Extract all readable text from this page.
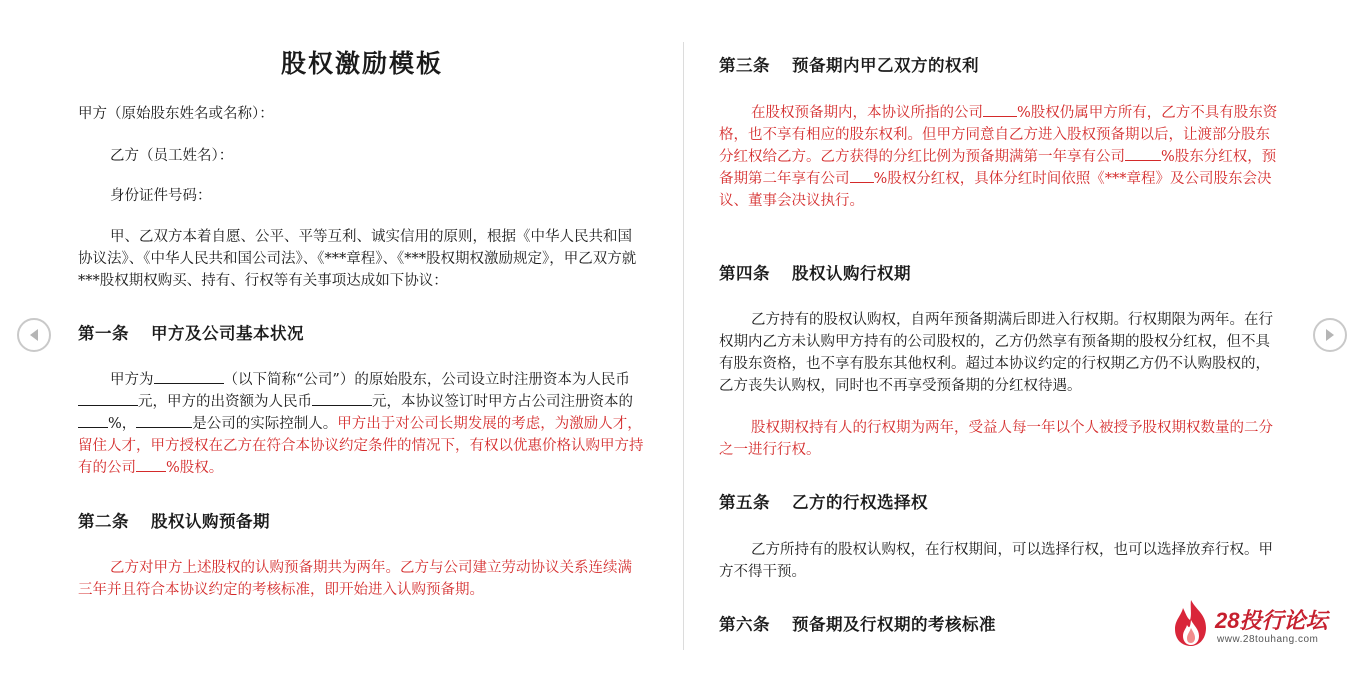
股权激励模板

甲方（原始股东姓名或名称）：

乙方（员工姓名）：

身份证件号码：

甲、乙双方本着自愿、公平、平等互利、诚实信用的原则，根据《中华人民共和国协议法》、《中华人民共和国公司法》、《***章程》、《***股权期权激励规定》，甲乙双方就***股权期权购买、持有、行权等有关事项达成如下协议：

第一条 甲方及公司基本状况

甲方为	（以下简称“公司”）的原始股东，公司设立时注册资本为人民币元，甲方的出资额为人民币	元，本协议签订时甲方占公司注册资本的%，	是公司的实际控制人。甲方出于对公司长期发展的考虑，为激励人才，留住人才，甲方授权在乙方在符合本协议约定条件的情况下，有权以优惠价格认购甲方持有的公司 %股权。

第二条 股权认购预备期

乙方对甲方上述股权的认购预备期共为两年。乙方与公司建立劳动协议关系连续满三年并且符合本协议约定的考核标准，即开始进入认购预备期。

第三条 预备期内甲乙双方的权利

在股权预备期内，本协议所指的公司 %股权仍属甲方所有，乙方不具有股东资格，也不享有相应的股东权利。但甲方同意自乙方进入股权预备期以后，让渡部分股东分红权给乙方。乙方获得的分红比例为预备期满第一年享有公司 %股东分红权，预备期第二年享有公司 %股权分红权，具体分红时间依照《***章程》及公司股东会决议、董事会决议执行。

第四条 股权认购行权期

乙方持有的股权认购权，自两年预备期满后即进入行权期。行权期限为两年。在行权期内乙方未认购甲方持有的公司股权的，乙方仍然享有预备期的股权分红权，但不具有股东资格，也不享有股东其他权利。超过本协议约定的行权期乙方仍不认购股权的，乙方丧失认购权，同时也不再享受预备期的分红权待遇。

股权期权持有人的行权期为两年，受益人每一年以个人被授予股权期权数量的二分之一进行行权。

第五条 乙方的行权选择权

乙方所持有的股权认购权，在行权期间，可以选择行权，也可以选择放弃行权。甲方不得干预。

第六条 预备期及行权期的考核标准	28投行论坛
www.28touhang.com
